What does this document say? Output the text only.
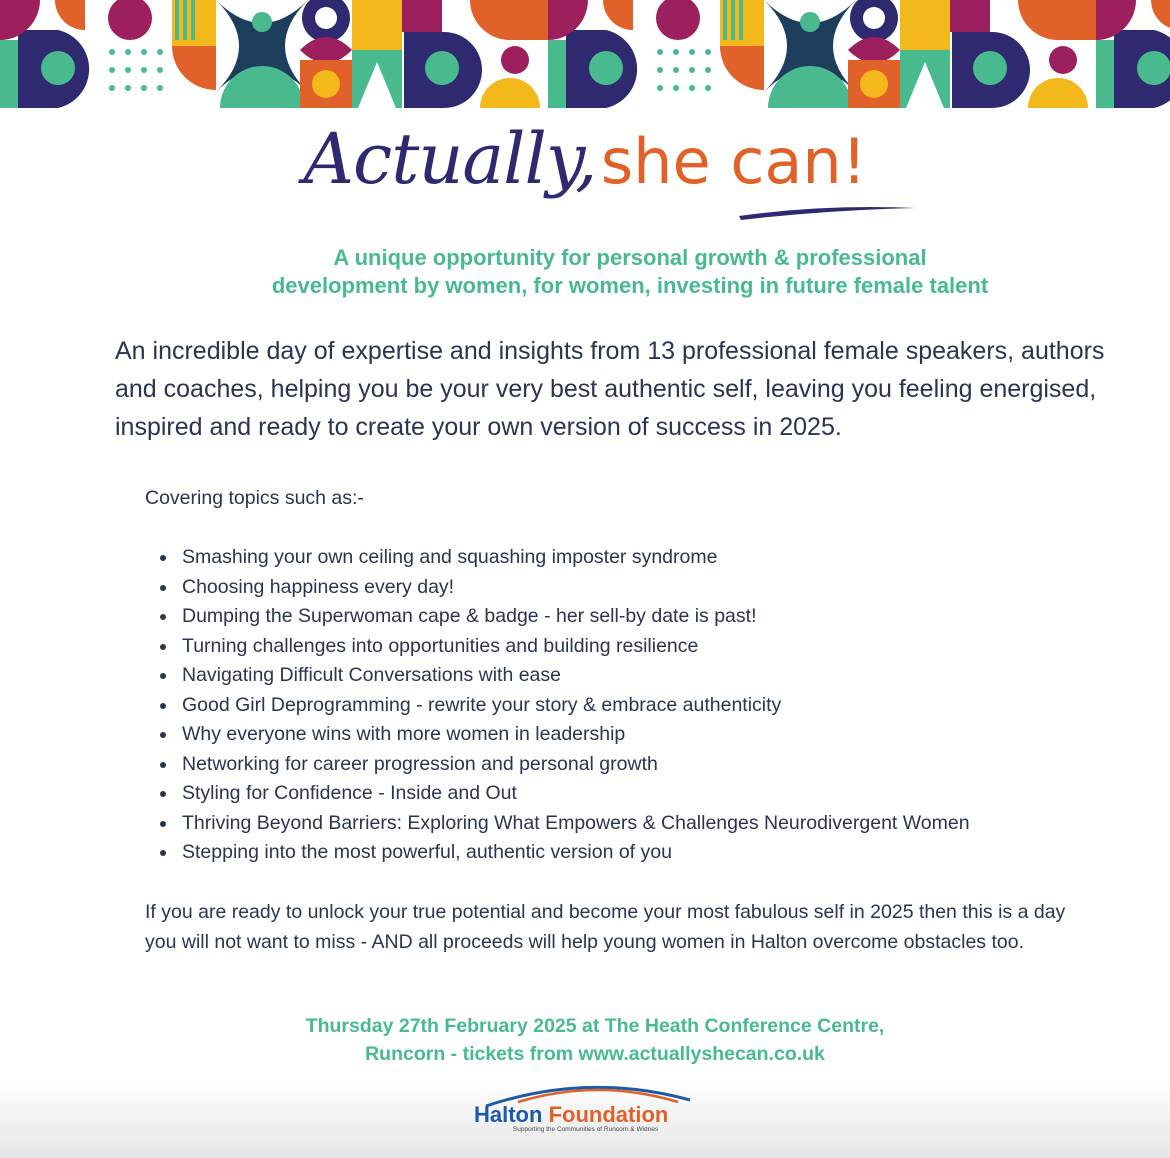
Actually, she can!
A unique opportunity for personal growth & professional
development by women, for women, investing in future female talent
An incredible day of expertise and insights from 13 professional female speakers, authors and coaches, helping you be your very best authentic self, leaving you feeling energised, inspired and ready to create your own version of success in 2025.
Covering topics such as:-
Smashing your own ceiling and squashing imposter syndrome
Choosing happiness every day!
Dumping the Superwoman cape & badge - her sell-by date is past!
Turning challenges into opportunities and building resilience
Navigating Difficult Conversations with ease
Good Girl Deprogramming - rewrite your story & embrace authenticity
Why everyone wins with more women in leadership
Networking for career progression and personal growth
Styling for Confidence - Inside and Out
Thriving Beyond Barriers: Exploring What Empowers & Challenges Neurodivergent Women
Stepping into the most powerful, authentic version of you
If you are ready to unlock your true potential and become your most fabulous self in 2025 then this is a day you will not want to miss - AND all proceeds will help young women in Halton overcome obstacles too.
Thursday 27th February 2025 at The Heath Conference Centre,
Runcorn - tickets from www.actuallyshecan.co.uk
Halton Foundation
Supporting the Communities of Runcorn & Widnes
